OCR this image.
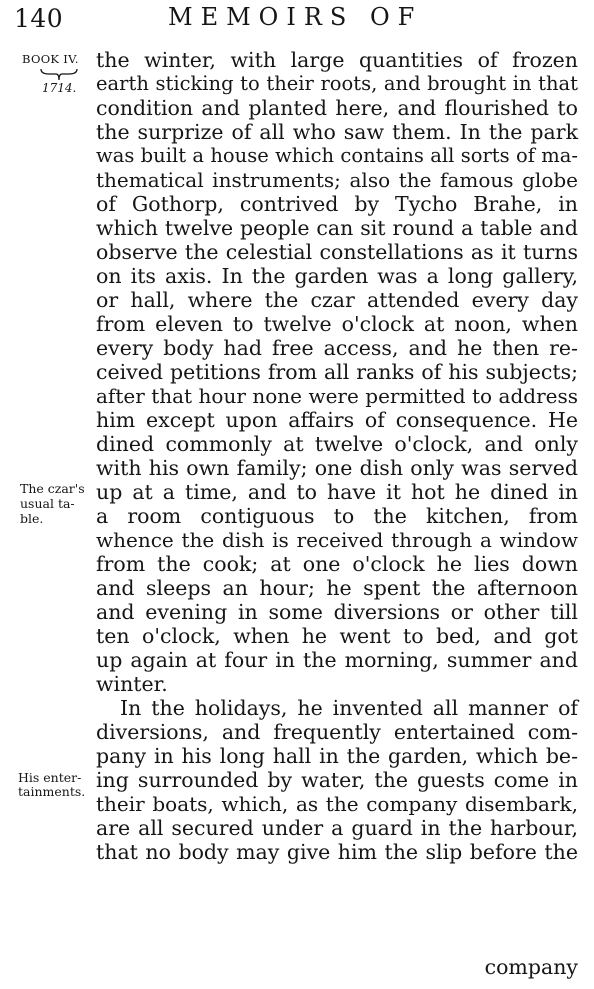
140	MEMOIRS OF
BOOK IV.
1714.
The czar's
usual ta-
ble.
His enter-
tainments.
the winter, with large quantities of frozen
earth sticking to their roots, and brought in that
condition and planted here, and flourished to
the surprize of all who saw them. In the park
was built a house which contains all sorts of ma-
thematical instruments; also the famous globe
of Gothorp, contrived by Tycho Brahe, in
which twelve people can sit round a table and
observe the celestial constellations as it turns
on its axis. In the garden was a long gallery,
or hall, where the czar attended every day
from eleven to twelve o'clock at noon, when
every body had free access, and he then re-
ceived petitions from all ranks of his subjects;
after that hour none were permitted to address
him except upon affairs of consequence. He
dined commonly at twelve o'clock, and only
with his own family; one dish only was served
up at a time, and to have it hot he dined in
a room contiguous to the kitchen, from
whence the dish is received through a window
from the cook; at one o'clock he lies down
and sleeps an hour; he spent the afternoon
and evening in some diversions or other till
ten o'clock, when he went to bed, and got
up again at four in the morning, summer and
winter.
In the holidays, he invented all manner of
diversions, and frequently entertained com-
pany in his long hall in the garden, which be-
ing surrounded by water, the guests come in
their boats, which, as the company disembark,
are all secured under a guard in the harbour,
that no body may give him the slip before the
company
